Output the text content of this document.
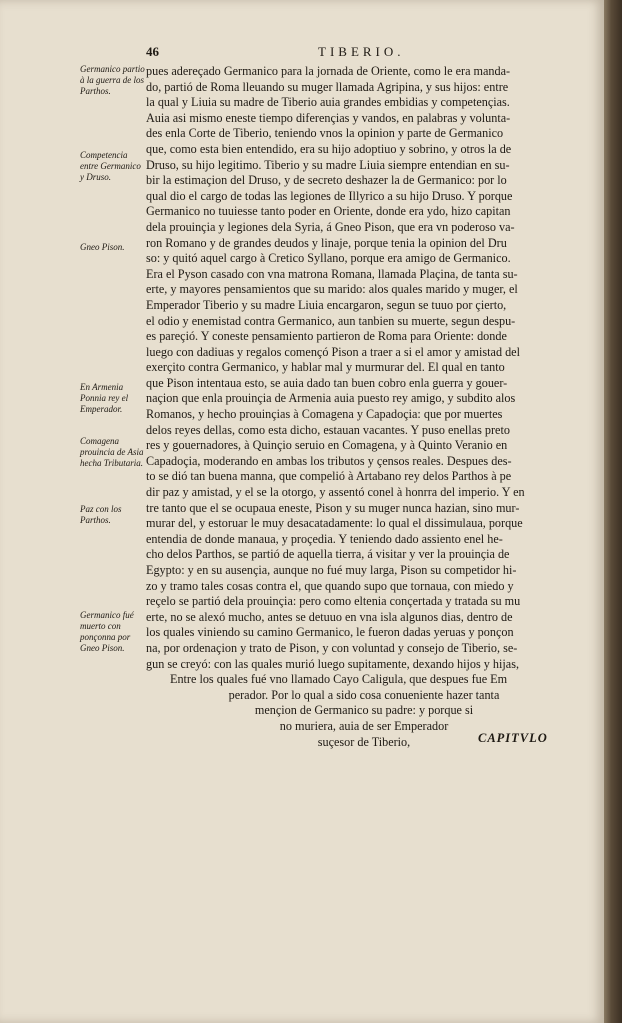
46	TIBERIO.
Germanico partio à la guerra de los Parthos.
Competencia entre Germanico y Druso.
Gneo Pison.
En Armenia Ponnia rey el Emperador.
Comagena prouincia de Asia hecha Tributaria.
Paz con los Parthos.
Germanico fué muerto con ponçonna por Gneo Pison.
pues adereçado Germanico para la jornada de Oriente, como le era manda-
do, partió de Roma lleuando su muger llamada Agripina, y sus hijos: entre
la qual y Liuia su madre de Tiberio auia grandes embidias y competençias.
Auia asi mismo eneste tiempo diferençias y vandos, en palabras y volunta-
des enla Corte de Tiberio, teniendo vnos la opinion y parte de Germanico
que, como esta bien entendido, era su hijo adoptiuo y sobrino, y otros la de
Druso, su hijo legitimo. Tiberio y su madre Liuia siempre entendian en su-
bir la estimaçion del Druso, y de secreto deshazer la de Germanico: por lo
qual dio el cargo de todas las legiones de Illyrico a su hijo Druso. Y porque
Germanico no tuuiesse tanto poder en Oriente, donde era ydo, hizo capitan
dela prouinçia y legiones dela Syria, á Gneo Pison, que era vn poderoso va-
ron Romano y de grandes deudos y linaje, porque tenia la opinion del Dru
so: y quitó aquel cargo à Cretico Syllano, porque era amigo de Germanico.
Era el Pyson casado con vna matrona Romana, llamada Plaçina, de tanta su-
erte, y mayores pensamientos que su marido: alos quales marido y muger, el
Emperador Tiberio y su madre Liuia encargaron, segun se tuuo por çierto,
el odio y enemistad contra Germanico, aun tanbien su muerte, segun despu-
es pareçió. Y coneste pensamiento partieron de Roma para Oriente: donde
luego con dadiuas y regalos començó Pison a traer a si el amor y amistad del
exerçito contra Germanico, y hablar mal y murmurar del. El qual en tanto
que Pison intentaua esto, se auia dado tan buen cobro enla guerra y gouer-
naçion que enla prouinçia de Armenia auia puesto rey amigo, y subdito alos
Romanos, y hecho prouinçias à Comagena y Capadoçia: que por muertes
delos reyes dellas, como esta dicho, estauan vacantes. Y puso enellas preto
res y gouernadores, à Quinçio seruio en Comagena, y à Quinto Veranio en
Capadoçia, moderando en ambas los tributos y çensos reales. Despues des-
to se dió tan buena manna, que compelió à Artabano rey delos Parthos à pe
dir paz y amistad, y el se la otorgo, y assentó conel à honrra del imperio. Y en
tre tanto que el se ocupaua eneste, Pison y su muger nunca hazian, sino mur-
murar del, y estoruar le muy desacatadamente: lo qual el dissimulaua, porque
entendia de donde manaua, y proçedia. Y teniendo dado assiento enel he-
cho delos Parthos, se partió de aquella tierra, á visitar y ver la prouinçia de
Egypto: y en su ausençia, aunque no fué muy larga, Pison su competidor hi-
zo y tramo tales cosas contra el, que quando supo que tornaua, con miedo y
reçelo se partió dela prouinçia: pero como eltenia conçertada y tratada su mu
erte, no se alexó mucho, antes se detuuo en vna isla algunos dias, dentro de
los quales viniendo su camino Germanico, le fueron dadas yeruas y ponçon
na, por ordenaçion y trato de Pison, y con voluntad y consejo de Tiberio, se-
gun se creyó: con las quales murió luego supitamente, dexando hijos y hijas,
Entre los quales fué vno llamado Cayo Caligula, que despues fue Em
perador. Por lo qual a sido cosa conueniente hazer tanta
mençion de Germanico su padre: y porque si
no muriera, auia de ser Emperador
suçesor de Tiberio,	CAPITVLO
